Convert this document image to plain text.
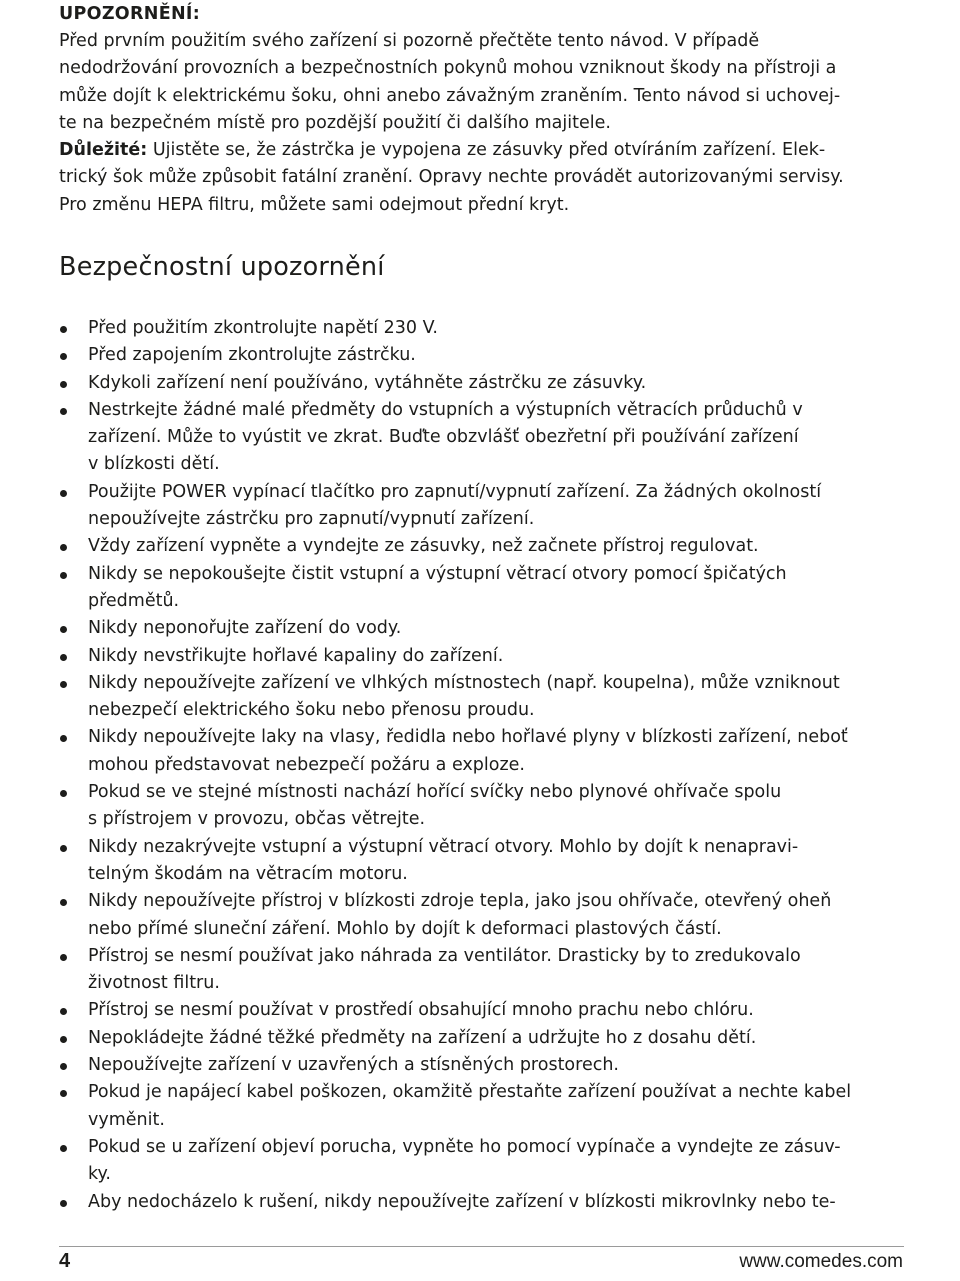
UPOZORNĚNÍ:

Před prvním použitím svého zařízení si pozorně přečtěte tento návod. V případě
nedodržování provozních a bezpečnostních pokynů mohou vzniknout škody na přístroji a
může dojít k elektrickému šoku, ohni anebo závažným zraněním. Tento návod si uchovej-
te na bezpečném místě pro pozdější použití či dalšího majitele.

Důležité: Ujistěte se, že zástrčka je vypojena ze zásuvky před otvíráním zařízení. Elek-
trický šok může způsobit fatální zranění. Opravy nechte provádět autorizovanými servisy.
Pro změnu HEPA filtru, můžete sami odejmout přední kryt.

Bezpečnostní upozornění
Před použitím zkontrolujte napětí 230 V.
Před zapojením zkontrolujte zástrčku.
Kdykoli zařízení není používáno, vytáhněte zástrčku ze zásuvky.
Nestrkejte žádné malé předměty do vstupních a výstupních větracích průduchů v
zařízení. Může to vyústit ve zkrat. Buďte obzvlášť obezřetní při používání zařízení
v blízkosti dětí.
Použijte POWER vypínací tlačítko pro zapnutí/vypnutí zařízení. Za žádných okolností
nepoužívejte zástrčku pro zapnutí/vypnutí zařízení.
Vždy zařízení vypněte a vyndejte ze zásuvky, než začnete přístroj regulovat.
Nikdy se nepokoušejte čistit vstupní a výstupní větrací otvory pomocí špičatých
předmětů.
Nikdy neponořujte zařízení do vody.
Nikdy nevstřikujte hořlavé kapaliny do zařízení.
Nikdy nepoužívejte zařízení ve vlhkých místnostech (např. koupelna), může vzniknout
nebezpečí elektrického šoku nebo přenosu proudu.
Nikdy nepoužívejte laky na vlasy, ředidla nebo hořlavé plyny v blízkosti zařízení, neboť
mohou představovat nebezpečí požáru a exploze.
Pokud se ve stejné místnosti nachází hořící svíčky nebo plynové ohřívače spolu
s přístrojem v provozu, občas větrejte.
Nikdy nezakrývejte vstupní a výstupní větrací otvory. Mohlo by dojít k nenapravi-
telným škodám na větracím motoru.
Nikdy nepoužívejte přístroj v blízkosti zdroje tepla, jako jsou ohřívače, otevřený oheň
nebo přímé sluneční záření. Mohlo by dojít k deformaci plastových částí.
Přístroj se nesmí používat jako náhrada za ventilátor. Drasticky by to zredukovalo
životnost filtru.
Přístroj se nesmí používat v prostředí obsahující mnoho prachu nebo chlóru.
Nepokládejte žádné těžké předměty na zařízení a udržujte ho z dosahu dětí.
Nepoužívejte zařízení v uzavřených a stísněných prostorech.
Pokud je napájecí kabel poškozen, okamžitě přestaňte zařízení používat a nechte kabel
vyměnit.
Pokud se u zařízení objeví porucha, vypněte ho pomocí vypínače a vyndejte ze zásuv-
ky.
Aby nedocházelo k rušení, nikdy nepoužívejte zařízení v blízkosti mikrovlnky nebo te-
4	www.comedes.com
